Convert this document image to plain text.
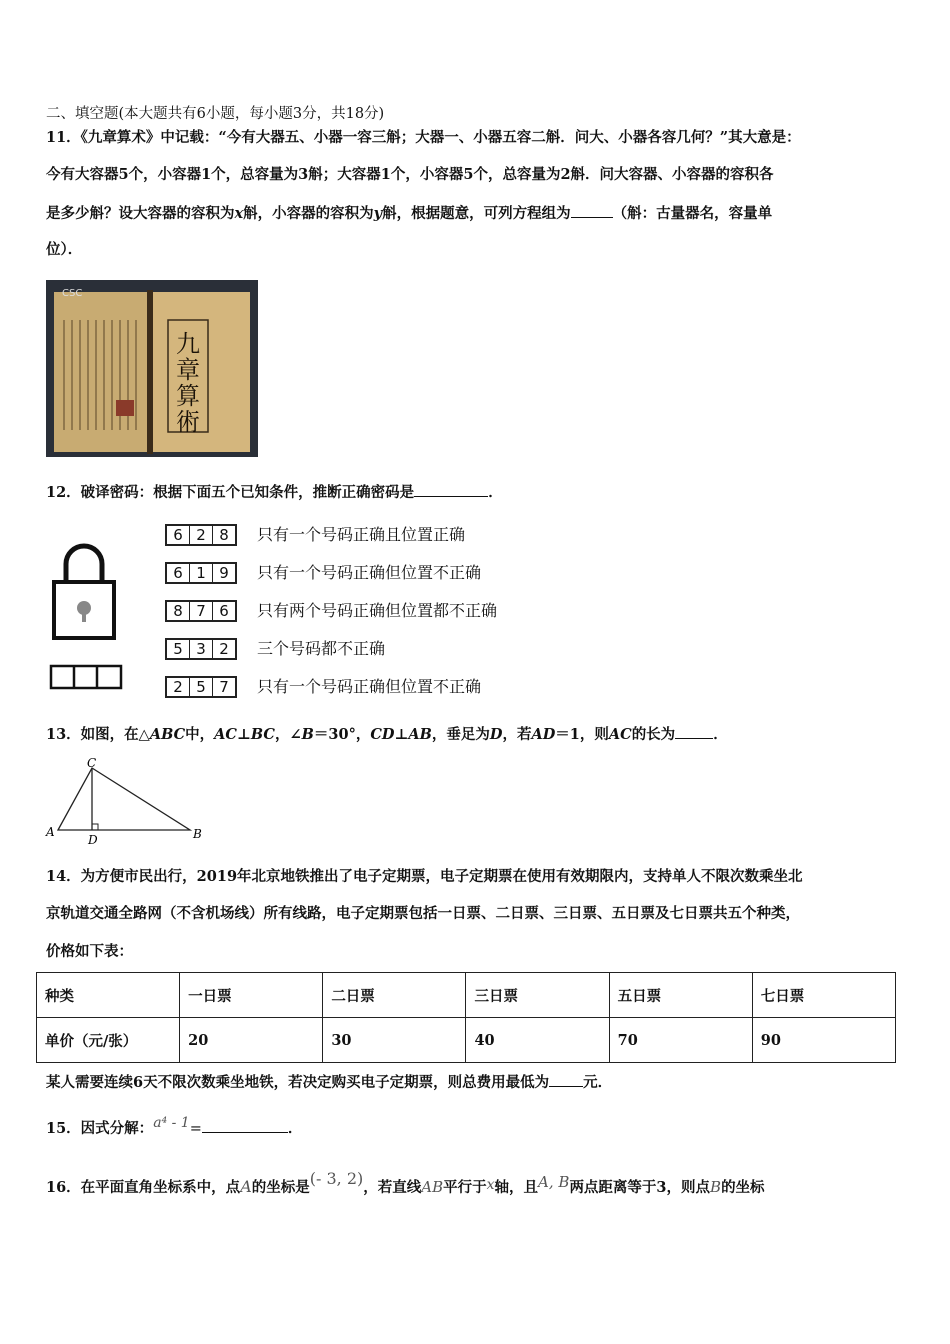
二、填空题(本大题共有6小题，每小题3分，共18分)
11．《九章算术》中记载：“今有大器五、小器一容三斛；大器一、小器五容二斛．问大、小器各容几何？”其大意是：
今有大容器5个，小容器1个，总容量为3斛；大容器1个，小容器5个，总容量为2斛．问大容器、小容器的容积各
是多少斛？设大容器的容积为x斛，小容器的容积为y斛，根据题意，可列方程组为	（斛：古量器名，容量单
位）．
CSC
九
章
算
術
12．破译密码：根据下面五个已知条件，推断正确密码是	．
6 2 8	只有一个号码正确且位置正确
6 1 9	只有一个号码正确但位置不正确
8 7 6	只有两个号码正确但位置都不正确
5 3 2	三个号码都不正确
2 5 7	只有一个号码正确但位置不正确
13．如图，在△ABC中，AC⊥BC，∠B＝30°，CD⊥AB，垂足为D，若AD＝1，则AC的长为	．
A
C
D	B
14．为方便市民出行，2019年北京地铁推出了电子定期票，电子定期票在使用有效期限内，支持单人不限次数乘坐北
京轨道交通全路网（不含机场线）所有线路，电子定期票包括一日票、二日票、三日票、五日票及七日票共五个种类，
价格如下表：
种类	一日票	二日票	三日票	五日票	七日票
单价（元/张）	20	30	40	70	90
某人需要连续6天不限次数乘坐地铁，若决定购买电子定期票，则总费用最低为 元．
15．因式分解：a⁴ - 1=	．
16．在平面直角坐标系中，点A的坐标是(- 3, 2)，若直线AB平行于x轴，且A, B两点距离等于3，则点B的坐标
